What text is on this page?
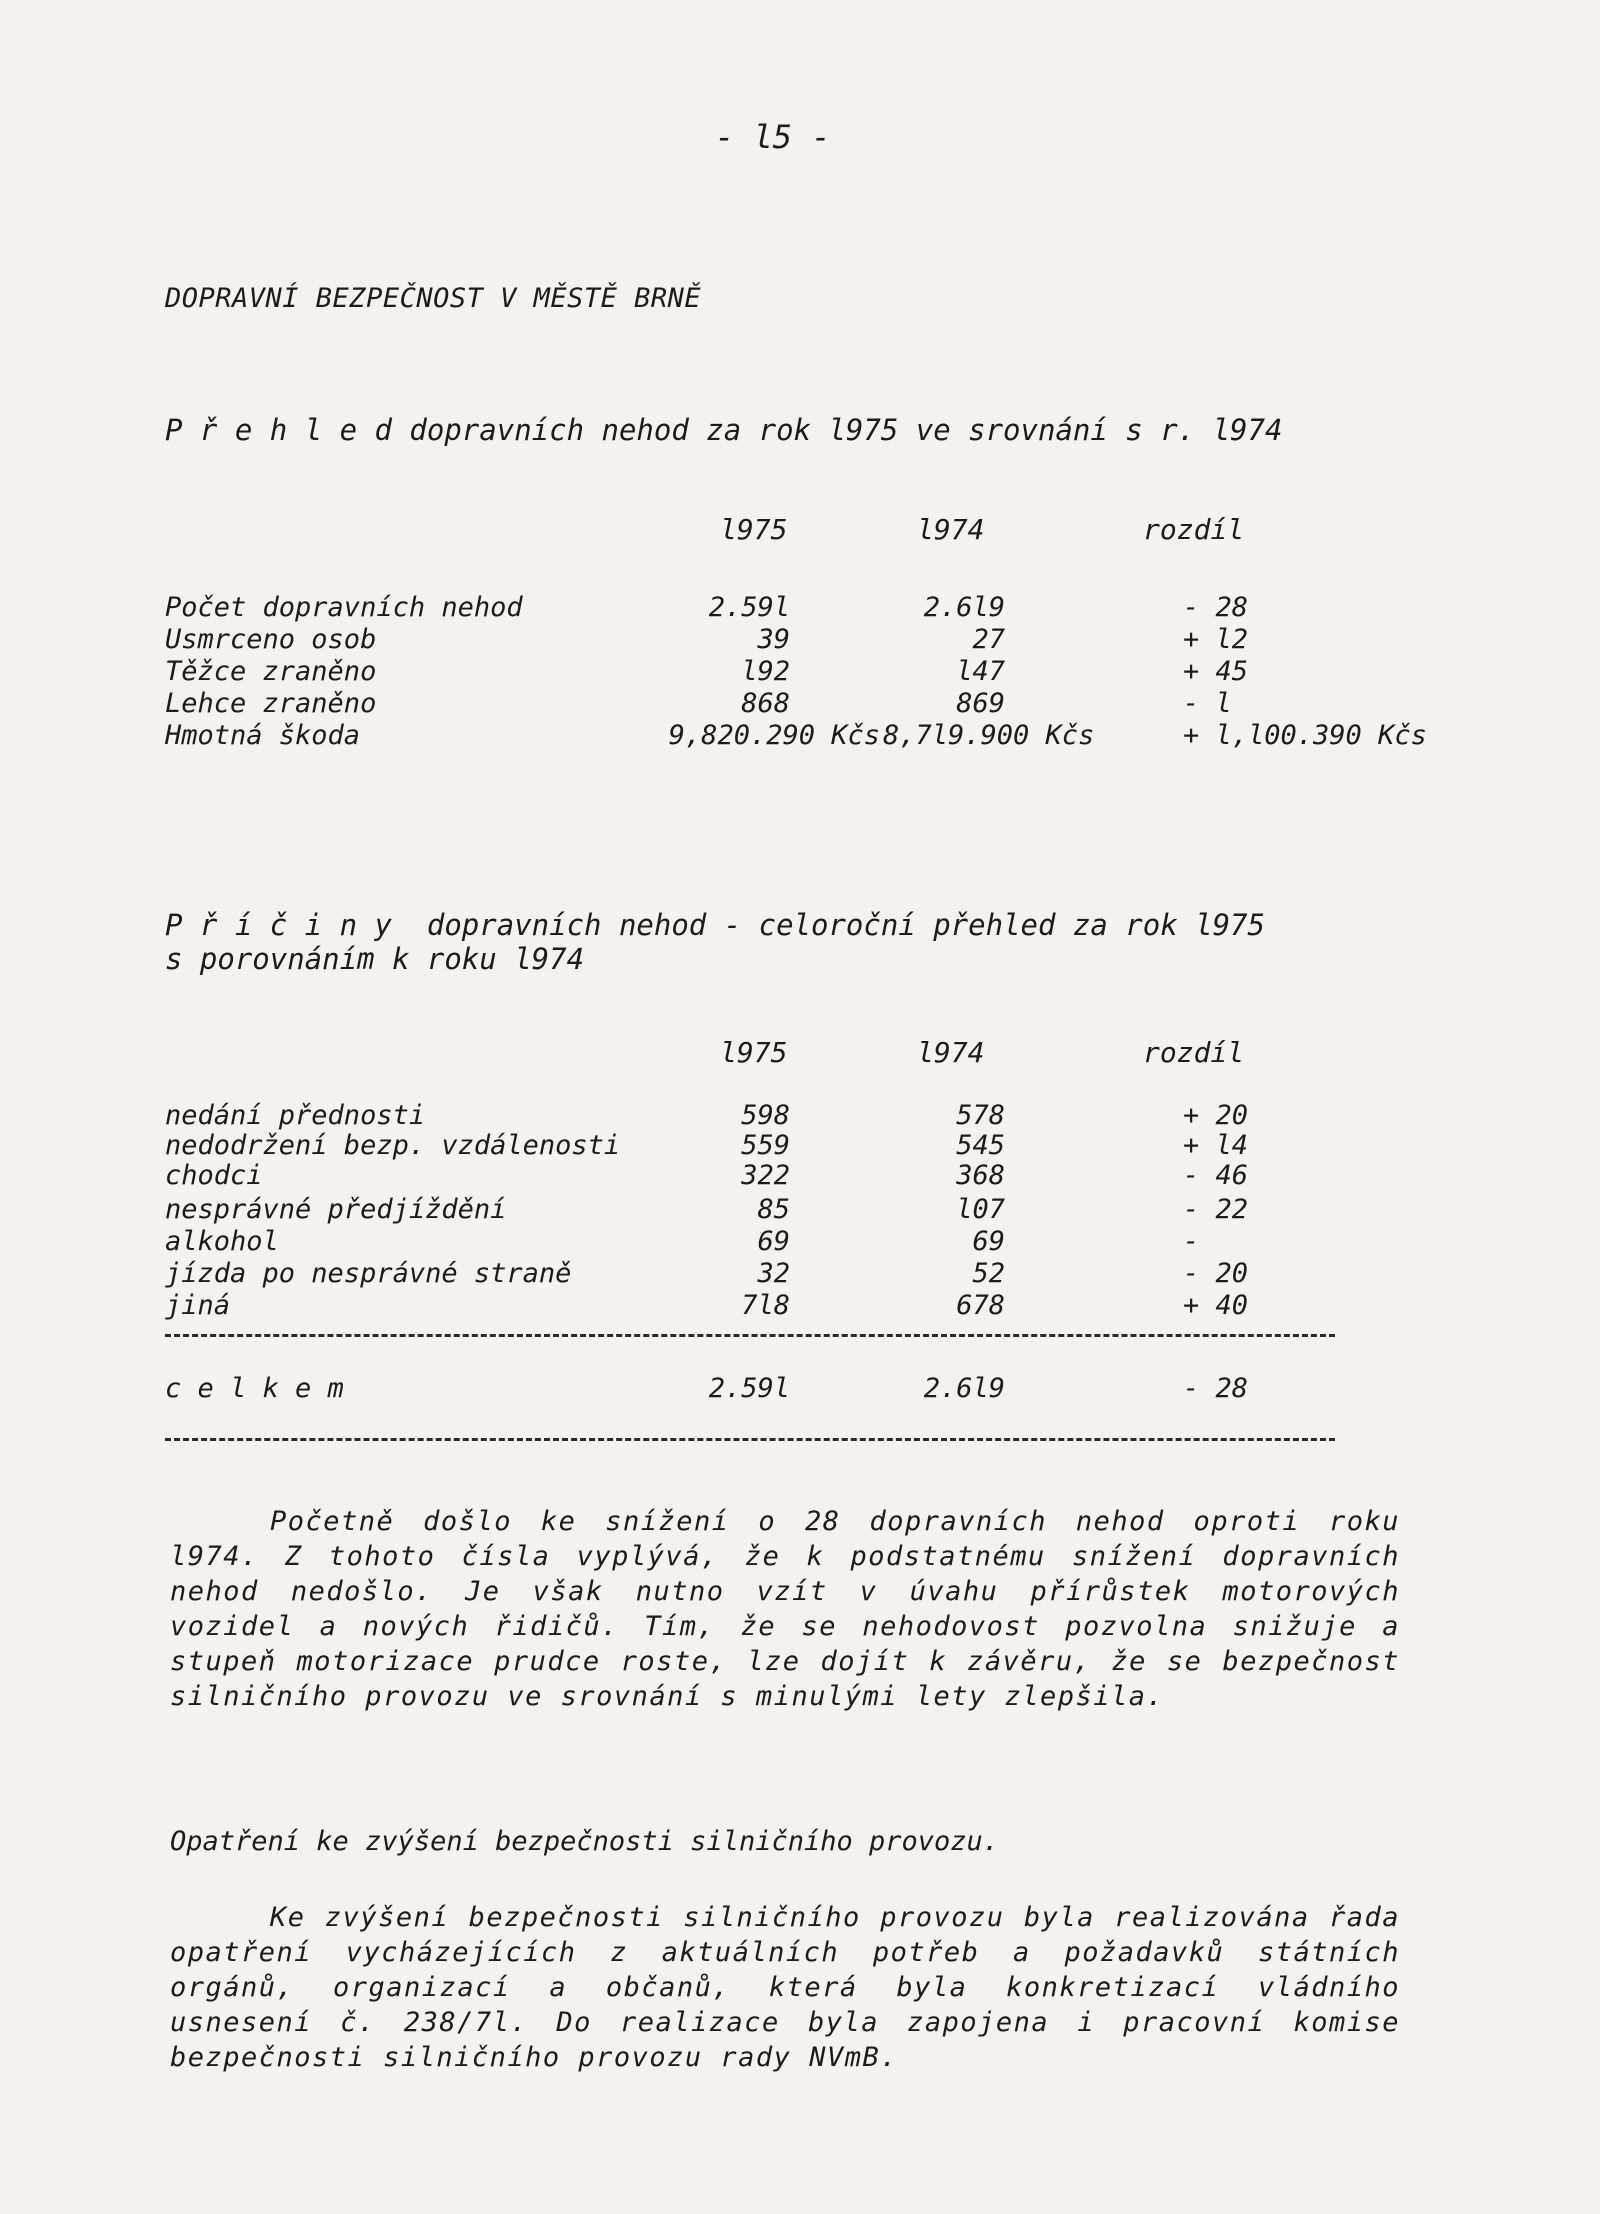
- l5 -
DOPRAVNÍ BEZPEČNOST V MĚSTĚ BRNĚ
P ř e h l e d dopravních nehod za rok l975 ve srovnání s r. l974
l975	l974	rozdíl
Počet dopravních nehod	2.59l	2.6l9	- 28
Usmrceno osob	39	27	+ l2
Těžce zraněno	l92	l47	+ 45
Lehce zraněno	868	869	- l
Hmotná škoda	9,820.290 Kčs 8,7l9.900 Kčs	+ l,l00.390 Kčs
P ř í č i n y  dopravních nehod - celoroční přehled za rok l975
s porovnáním k roku l974
l975	l974	rozdíl
nedání přednosti	598	578	+ 20
nedodržení bezp. vzdálenosti	559	545	+ l4
chodci	322	368	- 46
nesprávné předjíždění	85	l07	- 22
alkohol	69	69	-
jízda po nesprávné straně	32	52	- 20
jiná	7l8	678	+ 40
c e l k e m	2.59l	2.6l9	- 28
Početně došlo ke snížení o 28 dopravních nehod oproti roku l974. Z tohoto čísla vyplývá, že k podstatnému snížení dopravních nehod nedošlo. Je však nutno vzít v úvahu přírůstek motorových vozidel a nových řidičů. Tím, že se nehodovost pozvolna snižuje a stupeň motorizace prudce roste, lze dojít k závěru, že se bezpečnost silničního provozu ve srovnání s minulými lety zlepšila.
Opatření ke zvýšení bezpečnosti silničního provozu.
Ke zvýšení bezpečnosti silničního provozu byla realizována řada opatření vycházejících z aktuálních potřeb a požadavků státních orgánů, organizací a občanů, která byla konkretizací vládního usnesení č. 238/7l. Do realizace byla zapojena i pracovní komise bezpečnosti silničního provozu rady NVmB.
